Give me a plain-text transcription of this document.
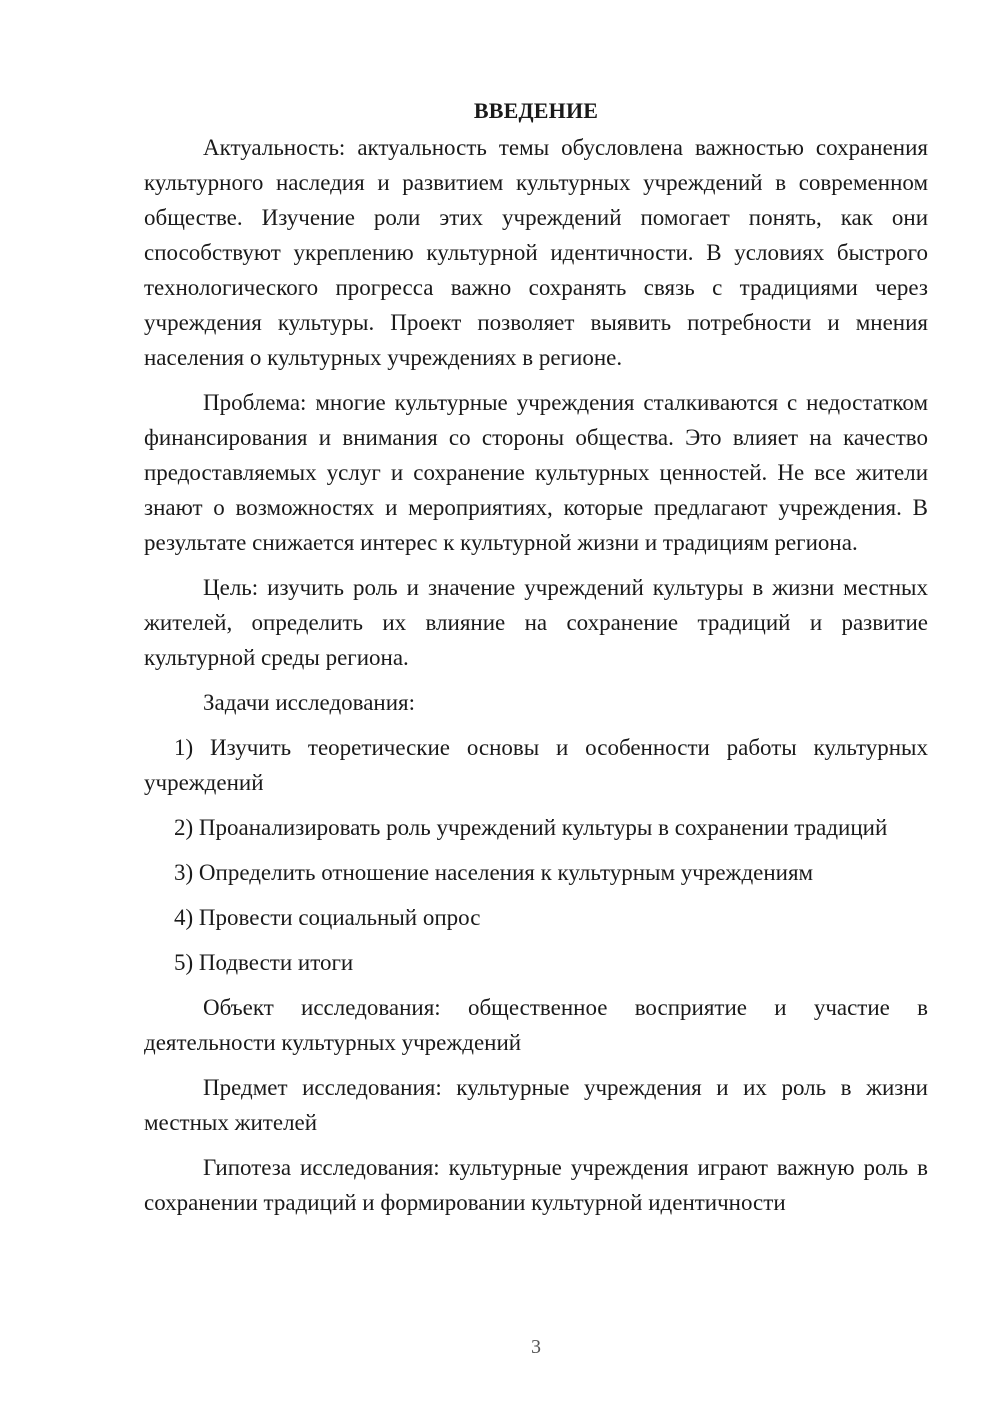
ВВЕДЕНИЕ

Актуальность: актуальность темы обусловлена важностью сохранения культурного наследия и развитием культурных учреждений в современном обществе. Изучение роли этих учреждений помогает понять, как они способствуют укреплению культурной идентичности. В условиях быстрого технологического прогресса важно сохранять связь с традициями через учреждения культуры. Проект позволяет выявить потребности и мнения населения о культурных учреждениях в регионе.

Проблема: многие культурные учреждения сталкиваются с недостатком финансирования и внимания со стороны общества. Это влияет на качество предоставляемых услуг и сохранение культурных ценностей. Не все жители знают о возможностях и мероприятиях, которые предлагают учреждения. В результате снижается интерес к культурной жизни и традициям региона.

Цель: изучить роль и значение учреждений культуры в жизни местных жителей, определить их влияние на сохранение традиций и развитие культурной среды региона.

Задачи исследования:

1) Изучить теоретические основы и особенности работы культурных учреждений

2) Проанализировать роль учреждений культуры в сохранении традиций

3) Определить отношение населения к культурным учреждениям

4) Провести социальный опрос

5) Подвести итоги

Объект исследования: общественное восприятие и участие в деятельности культурных учреждений

Предмет исследования: культурные учреждения и их роль в жизни местных жителей

Гипотеза исследования: культурные учреждения играют важную роль в сохранении традиций и формировании культурной идентичности

3
